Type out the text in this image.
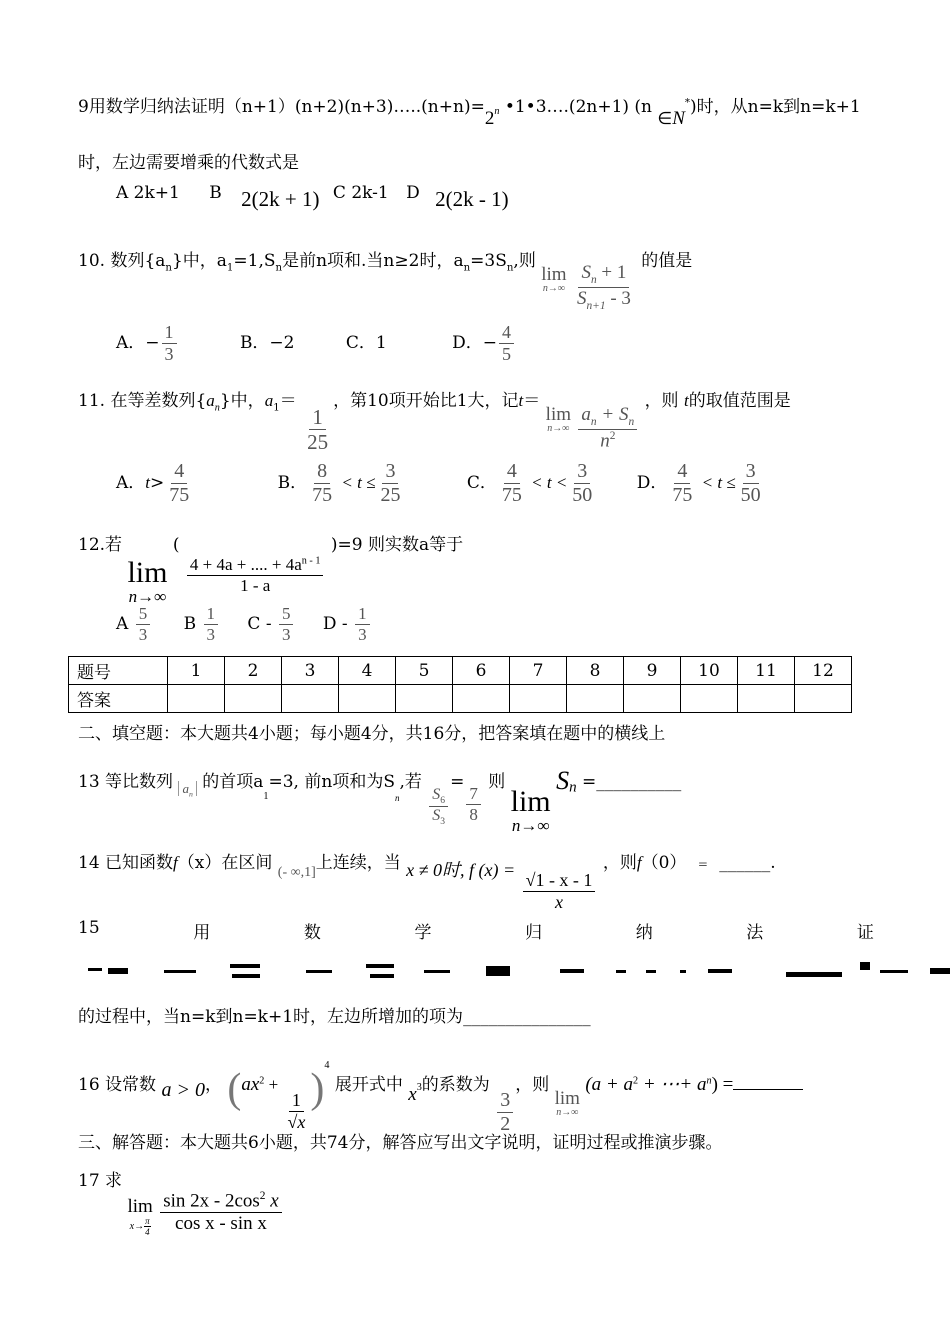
9用数学归纳法证明$(n+1)(n+2)(n+3)\dots..(n+n)=2^n$ •1•3….(2n+1) (n ∈N*)时，从n=k到n=k+1
时，左边需要增乘的代数式是
A 2k+1 B 2(2k + 1) C 2k-1 D 2(2k - 1)
10. 数列$\{a_n\}$中，$a_1=1,S_n$是前n项和.当n≥2时，$a_n=3S_n$,则
lim
n→∞
$\frac{S_n + 1}{S_{n+1} - 3}$
的值是
A．− $\frac{1}{3}$	B．−2	C．1	D．− $\frac{4}{5}$
11. 在等差数列$\{a_n\}$中，$a_1=$
$\frac{1}{25}$
，第10项开始比1大，记t＝
lim
n→∞
$\frac{a_n + S_n}{n^2}$
，则 t的取值范围是
A．$t> \frac{4}{75}$	B． $\frac{8}{75} < t \le \frac{3}{25}$	C． $\frac{4}{75} < t < \frac{3}{50}$ D． $\frac{4}{75} < t \le \frac{3}{50}$
12.若
lim
n→∞
(
$\frac{4 + 4a + .... + 4a^{n - 1}}{1 - a}$
)=9 则实数a等于
A $\frac{5}{3}$ B $\frac{1}{3}$ C - $\frac{5}{3}$ D - $\frac{1}{3}$
题号	1	2	3	4	5	6	7	8	9	10	11	12
答案												
二、填空题：本大题共4小题；每小题4分，共16分，把答案填在题中的横线上
13 等比数列 $_{a_n}$ 的首项$a_1=3$, 前n项和为$S_n$,若
$\frac{S_6}{S_3}$
=
$\frac{7}{8}$
则
lim
n→∞
$S_n$ =__________
14 已知函数f（x）在区间 $_{(- \infty,1]}$上连续，当 x ≠ 0时, f $(x) = \frac{√1 - x - 1}{x}$
，则f（0） = ______.
15	用	数	学	归	纳	法	证
的过程中，当n=k到n=k+1时，左边所增加的项为_______________
16 设常数 a > 0， ($ax^2$ +
$\frac{1}{√x} )^4$ 展开式中 x3的系数为
$\frac{3}{2}$
，则
lim
n→∞
($a + a^2$ + ⋯+ $a^n$) =
三、解答题：本大题共6小题，共74分，解答应写出文字说明，证明过程或推演步骤。
17 求
lim
$x\to \frac{\pi}{4}$
$\frac{\sin 2x - 2\cos^2 x}{\text{cos x - sin x}}$
